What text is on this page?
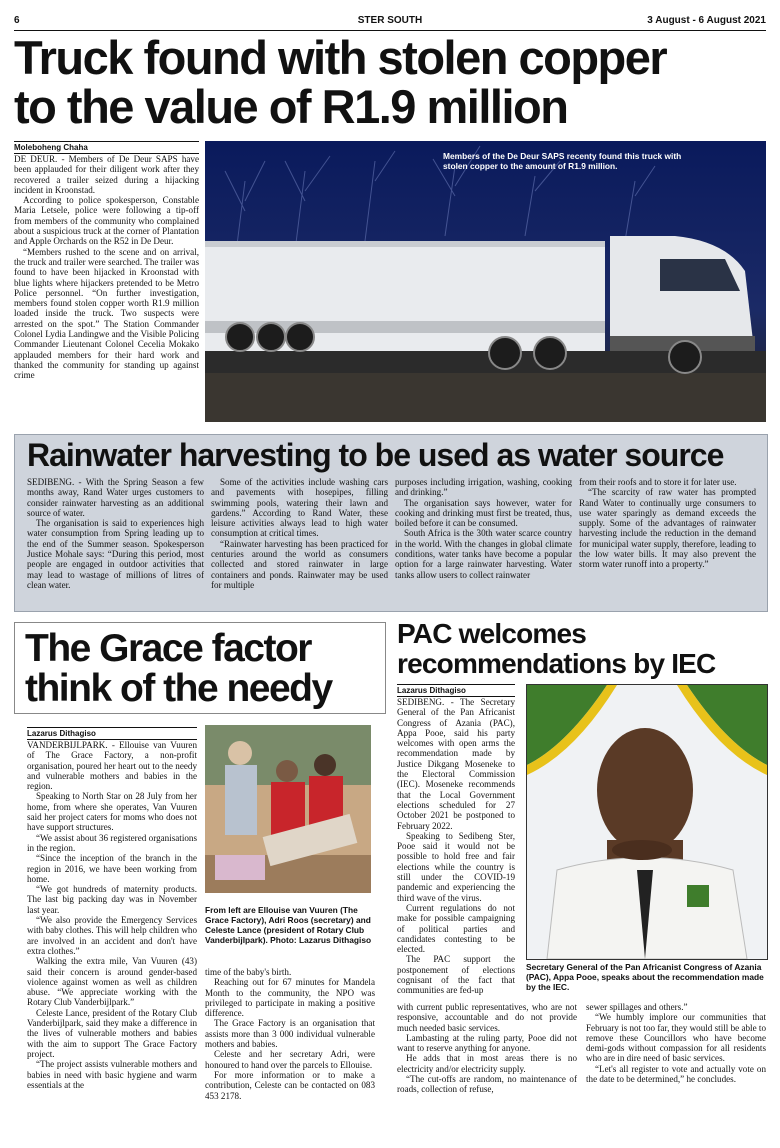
6	STER SOUTH	3 August - 6 August 2021
Truck found with stolen copper
to the value of R1.9 million
Moleboheng Chaha

DE DEUR. - Members of De Deur SAPS have been applauded for their diligent work after they recovered a trailer seized during a hijacking incident in Kroonstad.

According to police spokesperson, Constable Maria Letsele, police were following a tip-off from members of the community who complained about a suspicious truck at the corner of Plantation and Apple Orchards on the R52 in De Deur.

“Members rushed to the scene and on arrival, the truck and trailer were searched. The trailer was found to have been hijacked in Kroonstad with blue lights where hijackers pretended to be Metro Police personnel. “On further investigation, members found stolen copper worth R1.9 million loaded inside the truck. Two suspects were arrested on the spot.” The Station Commander Colonel Lydia Landingwe and the Visible Policing Commander Lieutenant Colonel Cecelia Mokako applauded members for their hard work and thanked the community for standing up against crime

Members of the De Deur SAPS recenty found this truck with
stolen copper to the amount of R1.9 million.
Rainwater harvesting to be used as water source

SEDIBENG. - With the Spring Season a few months away, Rand Water urges customers to consider rainwater harvesting as an additional source of water.

The organisation is said to experiences high water consumption from Spring leading up to the end of the Summer season. Spokesperson Justice Mohale says: “During this period, most people are engaged in outdoor activities that may lead to wastage of millions of litres of clean water.

Some of the activities include washing cars and pavements with hosepipes, filling swimming pools, watering their lawn and gardens.” According to Rand Water, these leisure activities always lead to high water consumption at critical times.

“Rainwater harvesting has been practiced for centuries around the world as consumers collected and stored rainwater in large containers and ponds. Rainwater may be used for multiple

purposes including irrigation, washing, cooking and drinking.”

The organisation says however, water for cooking and drinking must first be treated, thus, boiled before it can be consumed.

South Africa is the 30th water scarce country in the world. With the changes in global climate conditions, water tanks have become a popular option for a large rainwater harvesting. Water tanks allow users to collect rainwater

from their roofs and to store it for later use.

“The scarcity of raw water has prompted Rand Water to continually urge consumers to use water sparingly as demand exceeds the supply. Some of the advantages of rainwater harvesting include the reduction in the demand for municipal water supply, therefore, leading to the low water bills. It may also prevent the storm water runoff into a property.”

The Grace factor
think of the needy
Lazarus Dithagiso

VANDERBIJLPARK. - Ellouise van Vuuren of The Grace Factory, a non-profit organisation, poured her heart out to the needy and vulnerable mothers and babies in the region.

Speaking to North Star on 28 July from her home, from where she operates, Van Vuuren said her project caters for moms who does not have support structures.

“We assist about 36 registered organisations in the region.

“Since the inception of the branch in the region in 2016, we have been working from home.

“We got hundreds of maternity products. The last big packing day was in November last year.

“We also provide the Emergency Services with baby clothes. This will help children who are involved in an accident and don't have extra clothes.”

Walking the extra mile, Van Vuuren (43) said their concern is around gender-based violence against women as well as children abuse. “We appreciate working with the Rotary Club Vanderbijlpark.”

Celeste Lance, president of the Rotary Club Vanderbijlpark, said they make a difference in the lives of vulnerable mothers and babies with the aim to support The Grace Factory project.

“The project assists vulnerable mothers and babies in need with basic hygiene and warm essentials at the

From left are Ellouise van Vuuren (The Grace Factory), Adri Roos (secretary) and Celeste Lance (president of Rotary Club Vanderbijlpark). Photo: Lazarus Dithagiso

time of the baby's birth.

Reaching out for 67 minutes for Mandela Month to the community, the NPO was privileged to participate in making a positive difference.

The Grace Factory is an organisation that assists more than 3 000 individual vulnerable mothers and babies.

Celeste and her secretary Adri, were honoured to hand over the parcels to Ellouise.

For more information or to make a contribution, Celeste can be contacted on 083 453 2178.

PAC welcomes
recommendations by IEC
Lazarus Dithagiso

SEDIBENG. - The Secretary General of the Pan Africanist Congress of Azania (PAC), Appa Pooe, said his party welcomes with open arms the recommendation made by Justice Dikgang Moseneke to the Electoral Commission (IEC). Moseneke recommends that the Local Government elections scheduled for 27 October 2021 be postponed to February 2022.

Speaking to Sedibeng Ster, Pooe said it would not be possible to hold free and fair elections while the country is still under the COVID-19 pandemic and experiencing the third wave of the virus.

Current regulations do not make for possible campaigning of political parties and candidates contesting to be elected.

The PAC support the postponement of elections cognisant of the fact that communities are fed-up

Secretary General of the Pan Africanist Congress of Azania (PAC), Appa Pooe, speaks about the recommendation made by the IEC.

with current public representatives, who are not responsive, accountable and do not provide much needed basic services.

Lambasting at the ruling party, Pooe did not want to reserve anything for anyone.

He adds that in most areas there is no electricity and/or electricity supply.

“The cut-offs are random, no maintenance of roads, collection of refuse,

sewer spillages and others.”

“We humbly implore our communities that February is not too far, they would still be able to remove these Councillors who have become demi-gods without compassion for all residents who are in dire need of basic services.

“Let's all register to vote and actually vote on the date to be determined,” he concludes.
